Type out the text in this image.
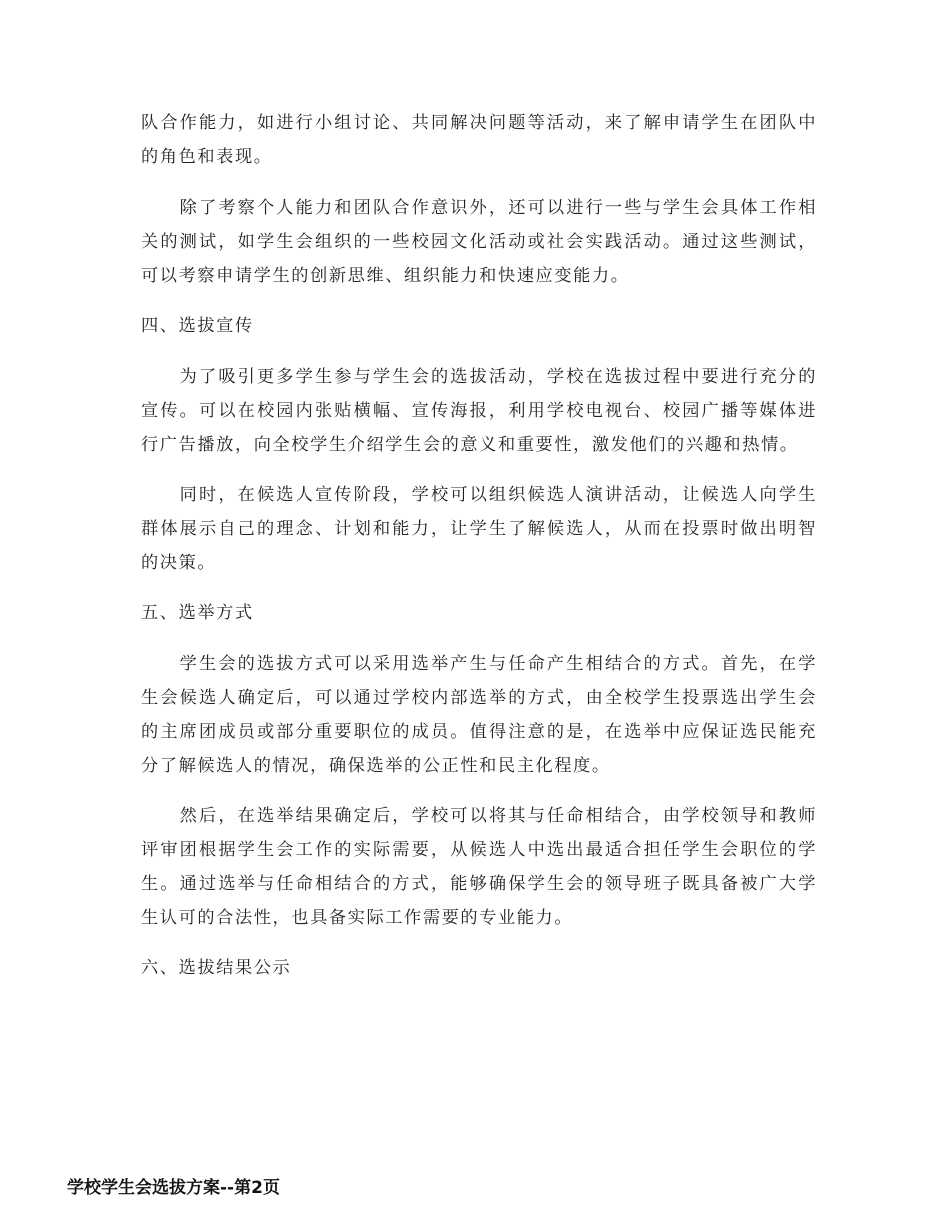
队合作能力，如进行小组讨论、共同解决问题等活动，来了解申请学生在团队中的角色和表现。

　　除了考察个人能力和团队合作意识外，还可以进行一些与学生会具体工作相关的测试，如学生会组织的一些校园文化活动或社会实践活动。通过这些测试，可以考察申请学生的创新思维、组织能力和快速应变能力。

四、选拔宣传

　　为了吸引更多学生参与学生会的选拔活动，学校在选拔过程中要进行充分的宣传。可以在校园内张贴横幅、宣传海报，利用学校电视台、校园广播等媒体进行广告播放，向全校学生介绍学生会的意义和重要性，激发他们的兴趣和热情。

　　同时，在候选人宣传阶段，学校可以组织候选人演讲活动，让候选人向学生群体展示自己的理念、计划和能力，让学生了解候选人，从而在投票时做出明智的决策。

五、选举方式

　　学生会的选拔方式可以采用选举产生与任命产生相结合的方式。首先，在学生会候选人确定后，可以通过学校内部选举的方式，由全校学生投票选出学生会的主席团成员或部分重要职位的成员。值得注意的是，在选举中应保证选民能充分了解候选人的情况，确保选举的公正性和民主化程度。

　　然后，在选举结果确定后，学校可以将其与任命相结合，由学校领导和教师评审团根据学生会工作的实际需要，从候选人中选出最适合担任学生会职位的学生。通过选举与任命相结合的方式，能够确保学生会的领导班子既具备被广大学生认可的合法性，也具备实际工作需要的专业能力。

六、选拔结果公示

学校学生会选拔方案--第2页
